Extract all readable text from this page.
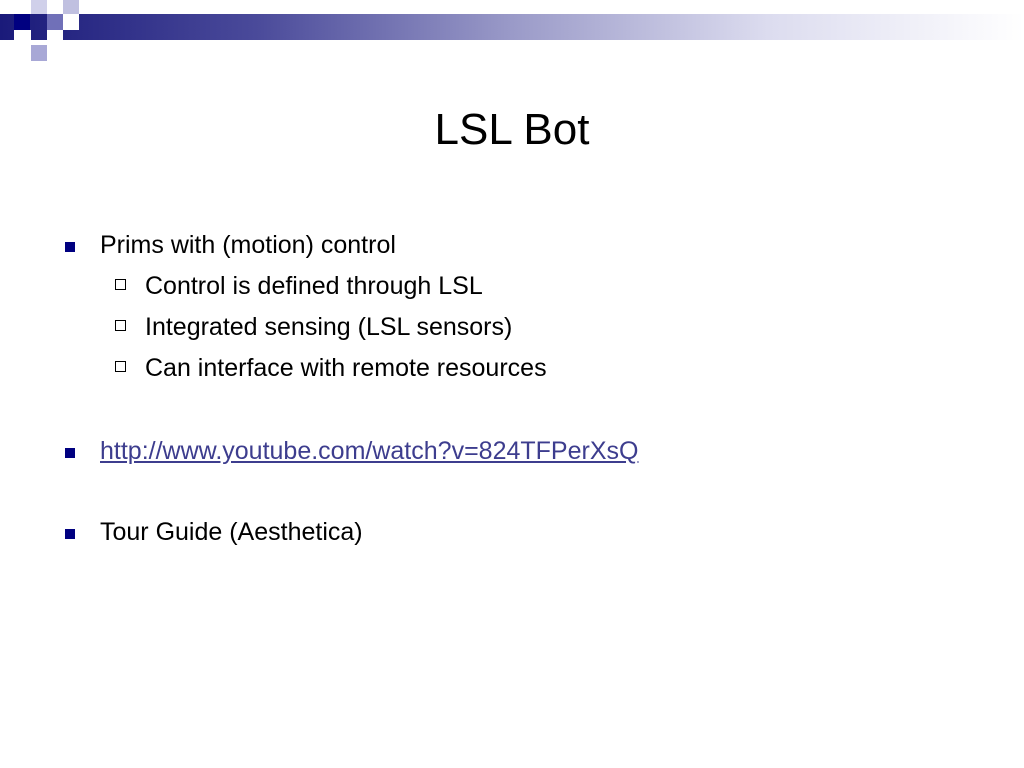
LSL Bot
Prims with (motion) control
Control is defined through LSL
Integrated sensing (LSL sensors)
Can interface with remote resources
http://www.youtube.com/watch?v=824TFPerXsQ
Tour Guide (Aesthetica)
